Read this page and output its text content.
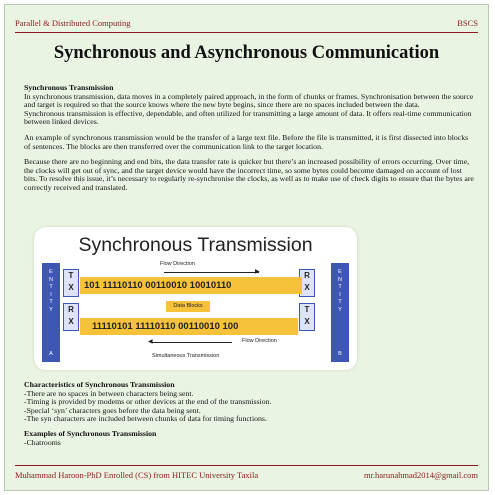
Parallel & Distributed Computing	BSCS
Synchronous and Asynchronous Communication

Synchronous Transmission
In synchronous transmission, data moves in a completely paired approach, in the form of chunks or frames. Synchronisation between the source and target is required so that the source knows where the new byte begins, since there are no spaces included between the data.
Synchronous transmission is effective, dependable, and often utilized for transmitting a large amount of data. It offers real-time communication between linked devices.

An example of synchronous transmission would be the transfer of a large text file. Before the file is transmitted, it is first dissected into blocks of sentences. The blocks are then transferred over the communication link to the target location.

Because there are no beginning and end bits, the data transfer rate is quicker but there’s an increased possibility of errors occurring. Over time, the clocks will get out of sync, and the target device would have the incorrect time, so some bytes could become damaged on account of lost bits. To resolve this issue, it’s necessary to regularly re-synchronise the clocks, as well as to make use of check digits to ensure that the bytes are correctly received and translated.

Synchronous Transmission
E
N
T
I
T
Y
A
E
N
T
I
T
Y
B
T
X
R
X
R
X
T
X
Flow Direction
▶
101 11110110 00110010 10010110
Data Blocks
11110101 11110110 00110010 100
◀	Flow Direction
Simultaneous Transmission

Characteristics of Synchronous Transmission
-There are no spaces in between characters being sent.
-Timing is provided by modems or other devices at the end of the transmission.
-Special ‘syn’ characters goes before the data being sent.
-The syn characters are included between chunks of data for timing functions.

Examples of Synchronous Transmission
-Chatrooms

Muhammad Haroon-PhD Enrolled (CS) from HITEC University Taxila	mr.harunahmad2014@gmail.com
